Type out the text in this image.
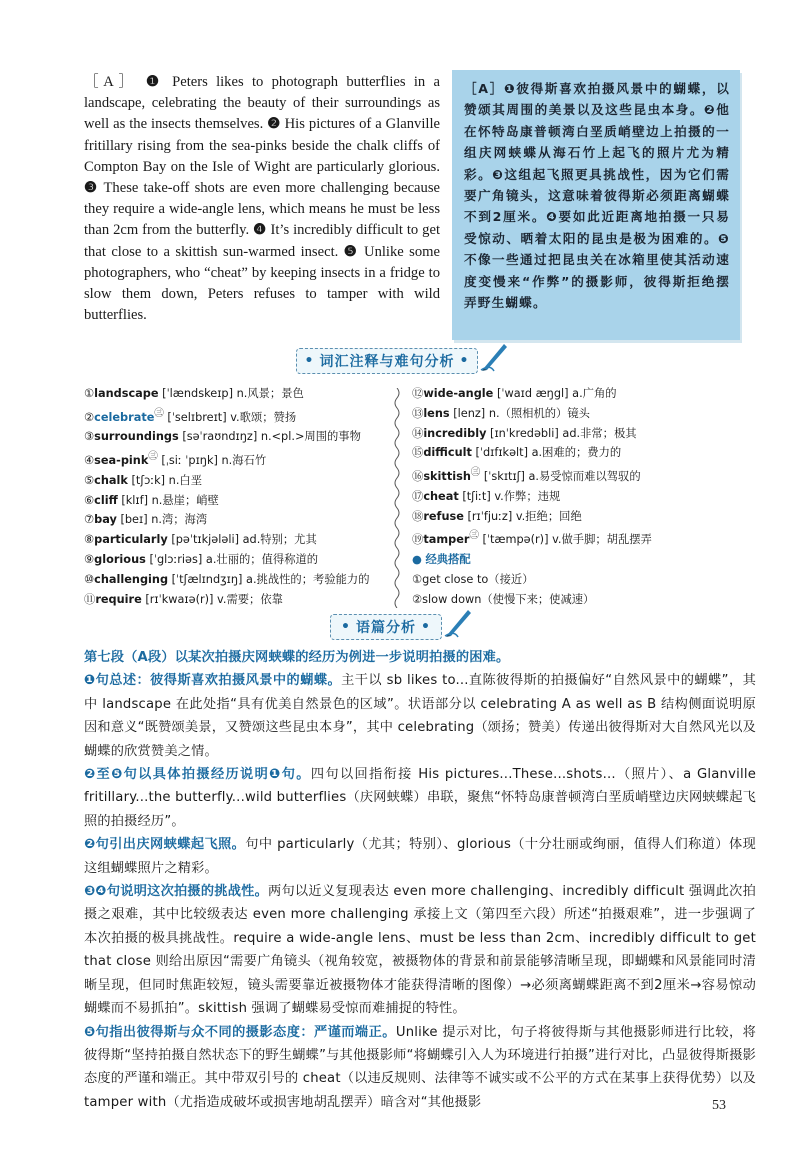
［A］ ❶ Peters likes to photograph butterflies in a landscape, celebrating the beauty of their surroundings as well as the insects themselves. ❷ His pictures of a Glanville fritillary rising from the sea-pinks beside the chalk cliffs of Compton Bay on the Isle of Wight are particularly glorious. ❸ These take-off shots are even more challenging because they require a wide-angle lens, which means he must be less than 2cm from the butterfly. ❹ It’s incredibly difficult to get that close to a skittish sun-warmed insect. ❺ Unlike some photographers, who “cheat” by keeping insects in a fridge to slow them down, Peters refuses to tamper with wild butterflies.
［A］❶彼得斯喜欢拍摄风景中的蝴蝶，以赞颂其周围的美景以及这些昆虫本身。❷他在怀特岛康普顿湾白垩质峭壁边上拍摄的一组庆网蛱蝶从海石竹上起飞的照片尤为精彩。❸这组起飞照更具挑战性，因为它们需要广角镜头，这意味着彼得斯必须距离蝴蝶不到2厘米。❹要如此近距离地拍摄一只易受惊动、晒着太阳的昆虫是极为困难的。❺不像一些通过把昆虫关在冰箱里使其活动速度变慢来“作弊”的摄影师，彼得斯拒绝摆弄野生蝴蝶。
• 词汇注释与难句分析 •
①landscape [ˈlændskeɪp] n.风景；景色
②celebrate$^㊂$ [ˈselɪbreɪt] v.歌颂；赞扬
③surroundings [səˈraʊndɪŋz] n.<pl.>周围的事物
④sea-pink$^㊂$ [ˌsiː ˈpɪŋk] n.海石竹
⑤chalk [tʃɔːk] n.白垩
⑥cliff [klɪf] n.悬崖；峭壁
⑦bay [beɪ] n.湾；海湾
⑧particularly [pəˈtɪkjələli] ad.特别；尤其
⑨glorious [ˈglɔːriəs] a.壮丽的；值得称道的
⑩challenging [ˈtʃælɪndʒɪŋ] a.挑战性的；考验能力的
⑪require [rɪˈkwaɪə(r)] v.需要；依靠
⑫wide-angle [ˈwaɪd æŋgl] a.广角的
⑬lens [lenz] n.（照相机的）镜头
⑭incredibly [ɪnˈkredəbli] ad.非常；极其
⑮difficult [ˈdɪfɪkəlt] a.困难的；费力的
⑯skittish$^㊂$ [ˈskɪtɪʃ] a.易受惊而难以驾驭的
⑰cheat [tʃiːt] v.作弊；违规
⑱refuse [rɪˈfjuːz] v.拒绝；回绝
⑲tamper$^㊂$ [ˈtæmpə(r)] v.做手脚；胡乱摆弄
● 经典搭配
①get close to（接近）
②slow down（使慢下来；使减速）
• 语篇分析 •

第七段（A段）以某次拍摄庆网蛱蝶的经历为例进一步说明拍摄的困难。

❶句总述：彼得斯喜欢拍摄风景中的蝴蝶。主干以 sb likes to...直陈彼得斯的拍摄偏好“自然风景中的蝴蝶”，其中 landscape 在此处指“具有优美自然景色的区域”。状语部分以 celebrating A as well as B 结构侧面说明原因和意义“既赞颂美景，又赞颂这些昆虫本身”，其中 celebrating（颂扬；赞美）传递出彼得斯对大自然风光以及蝴蝶的欣赏赞美之情。

❷至❺句以具体拍摄经历说明❶句。四句以回指衔接 His pictures...These...shots...（照片）、a Glanville fritillary...the butterfly...wild butterflies（庆网蛱蝶）串联，聚焦“怀特岛康普顿湾白垩质峭壁边庆网蛱蝶起飞照的拍摄经历”。

❷句引出庆网蛱蝶起飞照。句中 particularly（尤其；特别）、glorious（十分壮丽或绚丽，值得人们称道）体现这组蝴蝶照片之精彩。

❸❹句说明这次拍摄的挑战性。两句以近义复现表达 even more challenging、incredibly difficult 强调此次拍摄之艰难，其中比较级表达 even more challenging 承接上文（第四至六段）所述“拍摄艰难”，进一步强调了本次拍摄的极具挑战性。require a wide-angle lens、must be less than 2cm、incredibly difficult to get that close 则给出原因“需要广角镜头（视角较宽，被摄物体的背景和前景能够清晰呈现，即蝴蝶和风景能同时清晰呈现，但同时焦距较短，镜头需要靠近被摄物体才能获得清晰的图像）→必须离蝴蝶距离不到2厘米→容易惊动蝴蝶而不易抓拍”。skittish 强调了蝴蝶易受惊而难捕捉的特性。

❺句指出彼得斯与众不同的摄影态度：严谨而端正。Unlike 提示对比，句子将彼得斯与其他摄影师进行比较，将彼得斯“坚持拍摄自然状态下的野生蝴蝶”与其他摄影师“将蝴蝶引入人为环境进行拍摄”进行对比，凸显彼得斯摄影态度的严谨和端正。其中带双引号的 cheat（以违反规则、法律等不诚实或不公平的方式在某事上获得优势）以及 tamper with（尤指造成破坏或损害地胡乱摆弄）暗含对“其他摄影	53
